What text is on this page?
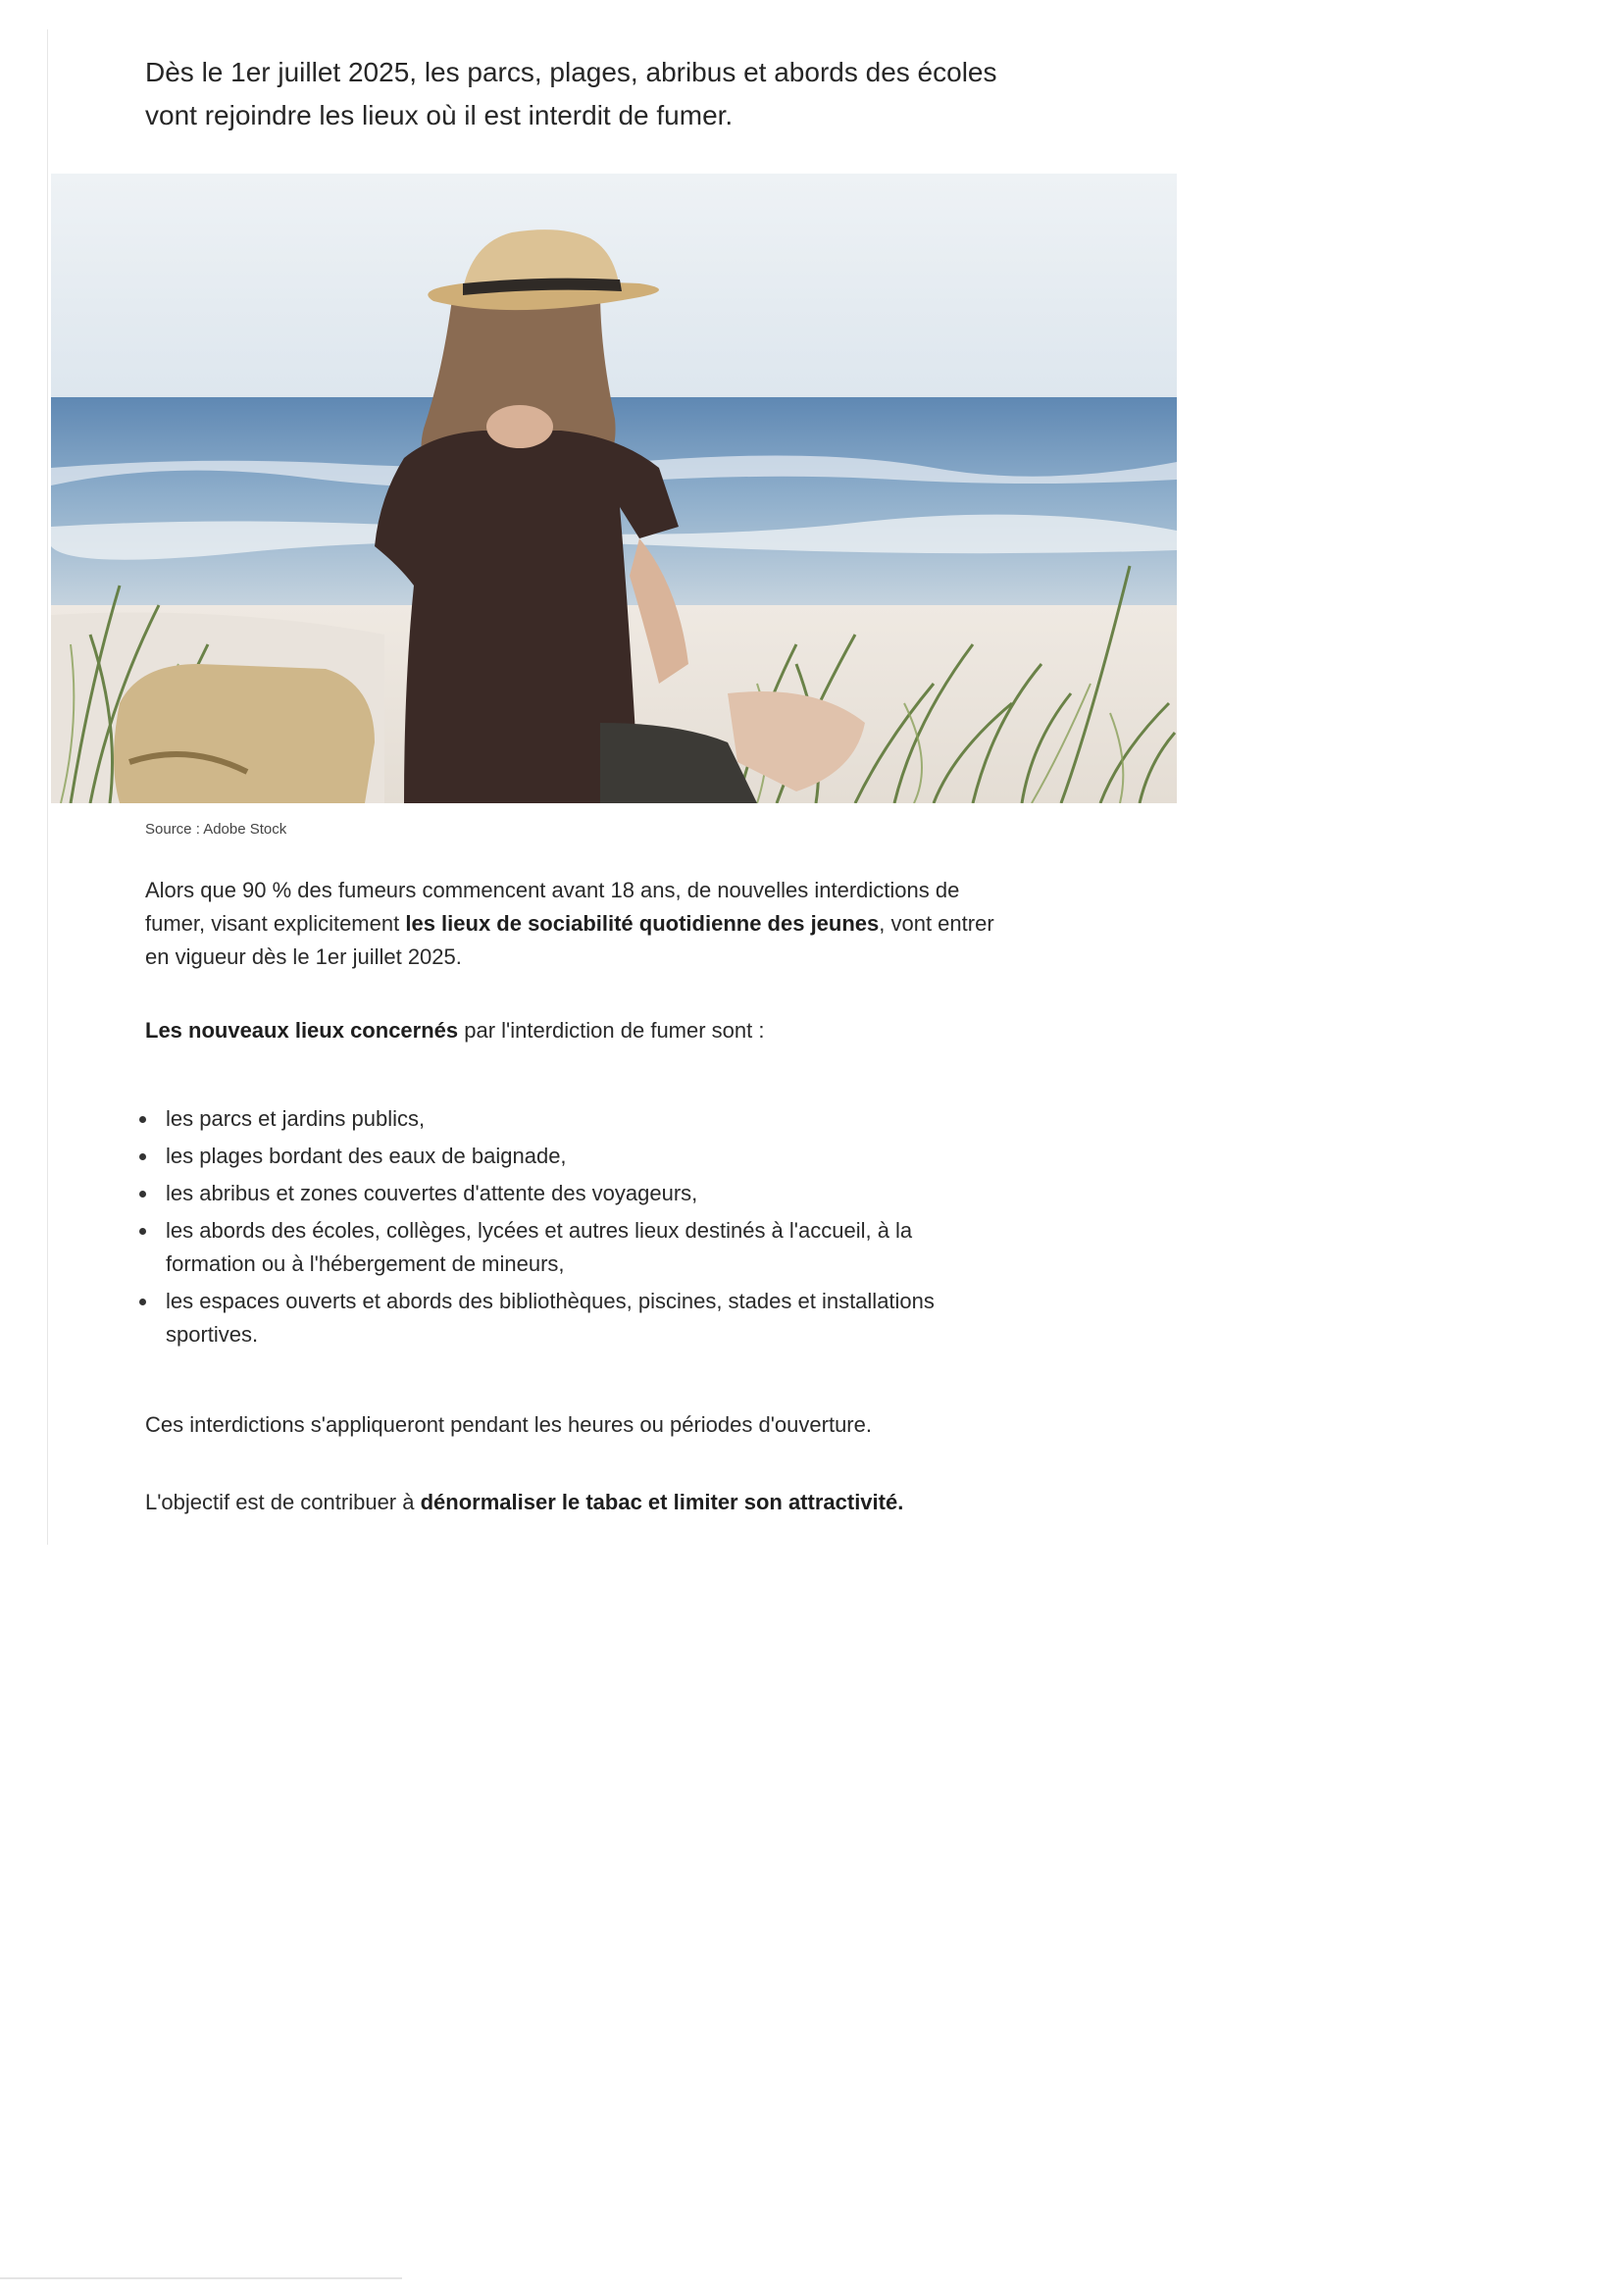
Dès le 1er juillet 2025, les parcs, plages, abribus et abords des écoles vont rejoindre les lieux où il est interdit de fumer.
Source : Adobe Stock

Alors que 90 % des fumeurs commencent avant 18 ans, de nouvelles interdictions de fumer, visant explicitement les lieux de sociabilité quotidienne des jeunes, vont entrer en vigueur dès le 1er juillet 2025.

Les nouveaux lieux concernés par l'interdiction de fumer sont :

les parcs et jardins publics,
les plages bordant des eaux de baignade,
les abribus et zones couvertes d'attente des voyageurs,
les abords des écoles, collèges, lycées et autres lieux destinés à l'accueil, à la formation ou à l'hébergement de mineurs,
les espaces ouverts et abords des bibliothèques, piscines, stades et installations sportives.

Ces interdictions s'appliqueront pendant les heures ou périodes d'ouverture.

L'objectif est de contribuer à dénormaliser le tabac et limiter son attractivité.
